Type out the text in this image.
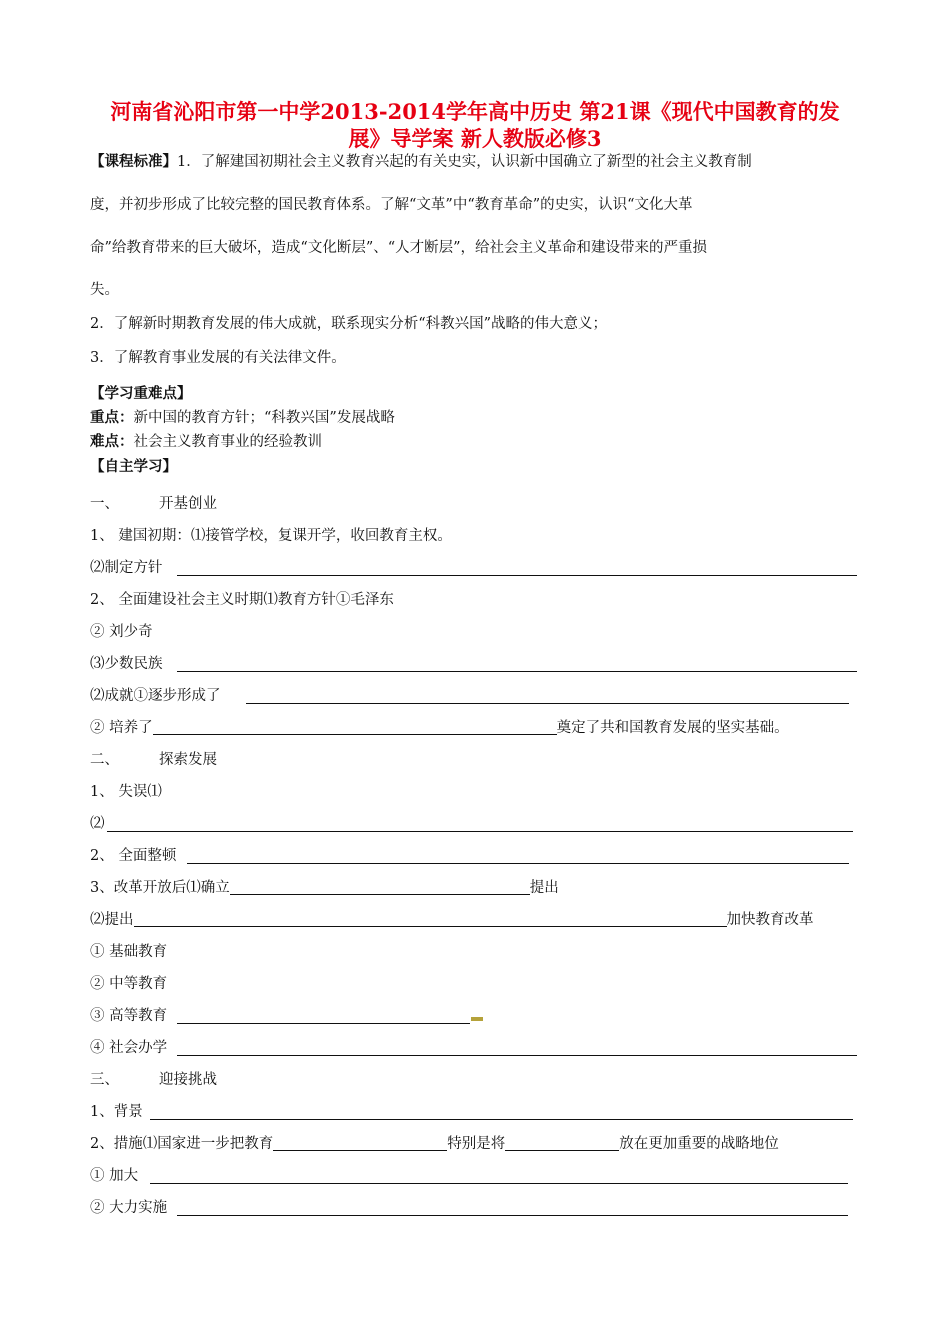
河南省沁阳市第一中学2013-2014学年高中历史 第21课《现代中国教育的发
展》导学案 新人教版必修3
【课程标准】1．了解建国初期社会主义教育兴起的有关史实，认识新中国确立了新型的社会主义教育制
度，并初步形成了比较完整的国民教育体系。了解“文革”中“教育革命”的史实，认识“文化大革
命”给教育带来的巨大破坏，造成“文化断层”、“人才断层”，给社会主义革命和建设带来的严重损
失。
2．了解新时期教育发展的伟大成就，联系现实分析“科教兴国”战略的伟大意义；
3．了解教育事业发展的有关法律文件。
【学习重难点】
重点：新中国的教育方针；“科教兴国”发展战略
难点：社会主义教育事业的经验教训
【自主学习】
一、	开基创业
1、 建国初期：⑴接管学校，复课开学，收回教育主权。
⑵制定方针
2、 全面建设社会主义时期⑴教育方针①毛泽东
② 刘少奇
⑶少数民族
⑵成就①逐步形成了
② 培养了	奠定了共和国教育发展的坚实基础。
二、	探索发展
1、 失误⑴
⑵
2、 全面整顿
3、改革开放后⑴确立	提出
⑵提出	加快教育改革
① 基础教育
② 中等教育
③ 高等教育
④ 社会办学
三、	迎接挑战
1、背景
2、措施⑴国家进一步把教育	特别是将	放在更加重要的战略地位
① 加大
② 大力实施
